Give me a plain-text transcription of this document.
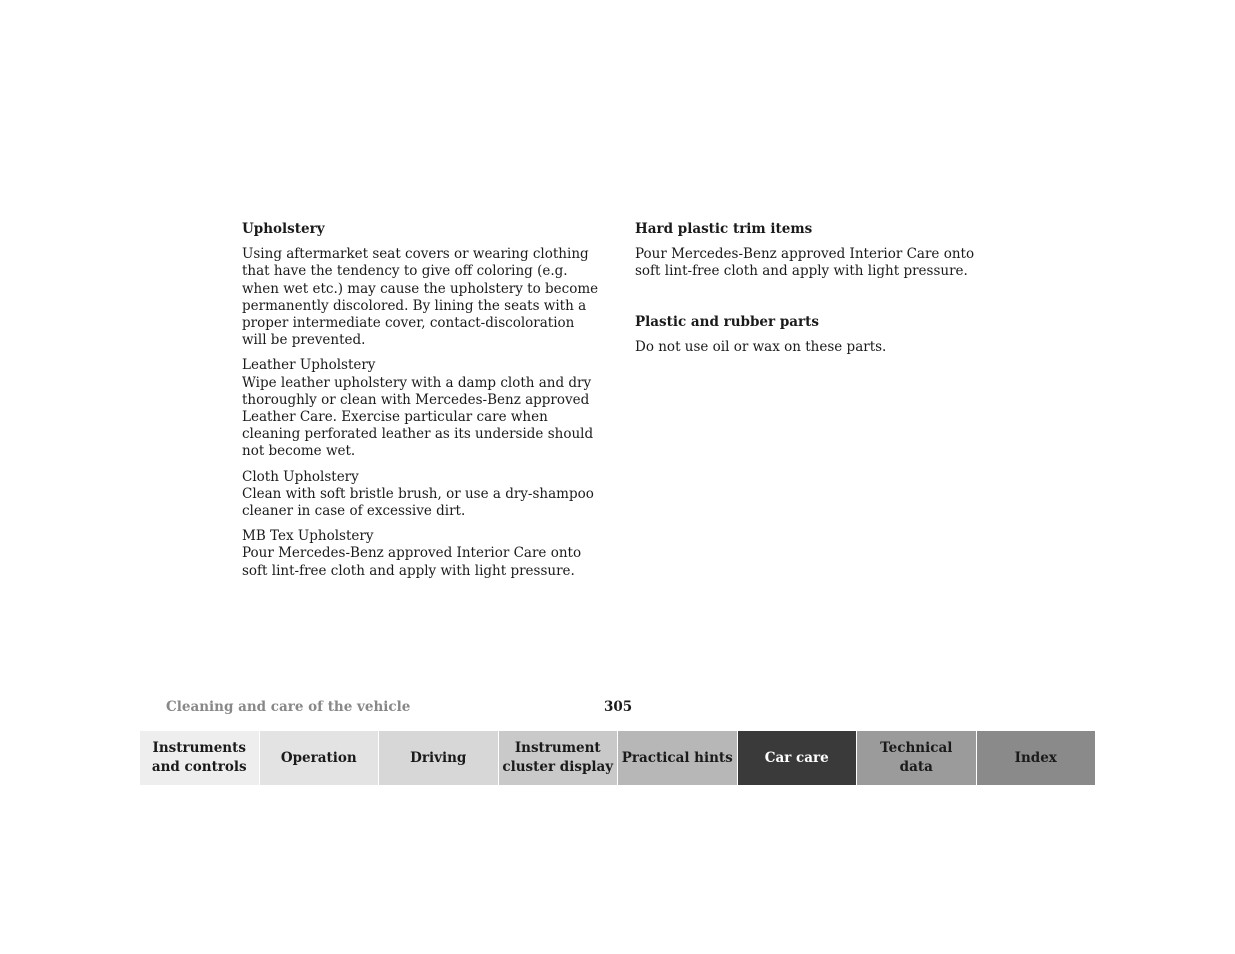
Upholstery
Using aftermarket seat covers or wearing clothing that have the tendency to give off coloring (e.g. when wet etc.) may cause the upholstery to become permanently discolored. By lining the seats with a proper intermediate cover, contact-discoloration will be prevented.
Leather Upholstery
Wipe leather upholstery with a damp cloth and dry thoroughly or clean with Mercedes-Benz approved Leather Care. Exercise particular care when cleaning perforated leather as its underside should not become wet.
Cloth Upholstery
Clean with soft bristle brush, or use a dry-shampoo cleaner in case of excessive dirt.
MB Tex Upholstery
Pour Mercedes-Benz approved Interior Care onto soft lint-free cloth and apply with light pressure.
Hard plastic trim items
Pour Mercedes-Benz approved Interior Care onto soft lint-free cloth and apply with light pressure.
Plastic and rubber parts
Do not use oil or wax on these parts.
Cleaning and care of the vehicle	305
Instruments
and controls
Operation	Driving
Instrument
cluster display
Practical hints	Car care
Technical
data
Index
